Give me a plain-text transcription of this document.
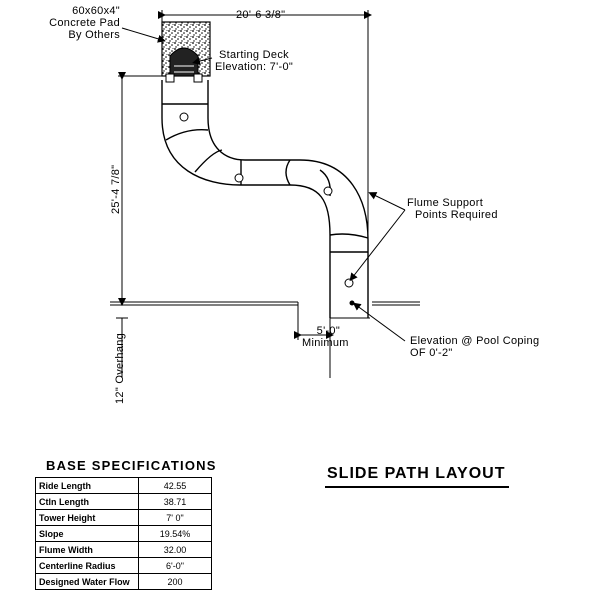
60x60x4"
Concrete Pad
By Others
20'-6 3/8"
Starting Deck
Elevation: 7'-0"
25'-4 7/8"	Flume Support
Points Required
5'-0"
Minimum	Elevation @ Pool Coping
OF 0'-2"
12" Overhang
BASE SPECIFICATIONS
Ride Length	42.55
Ctln Length	38.71
Tower Height	7' 0"
Slope	19.54%
Flume Width	32.00
Centerline Radius	6'-0"
Designed Water Flow	200
SLIDE PATH LAYOUT
